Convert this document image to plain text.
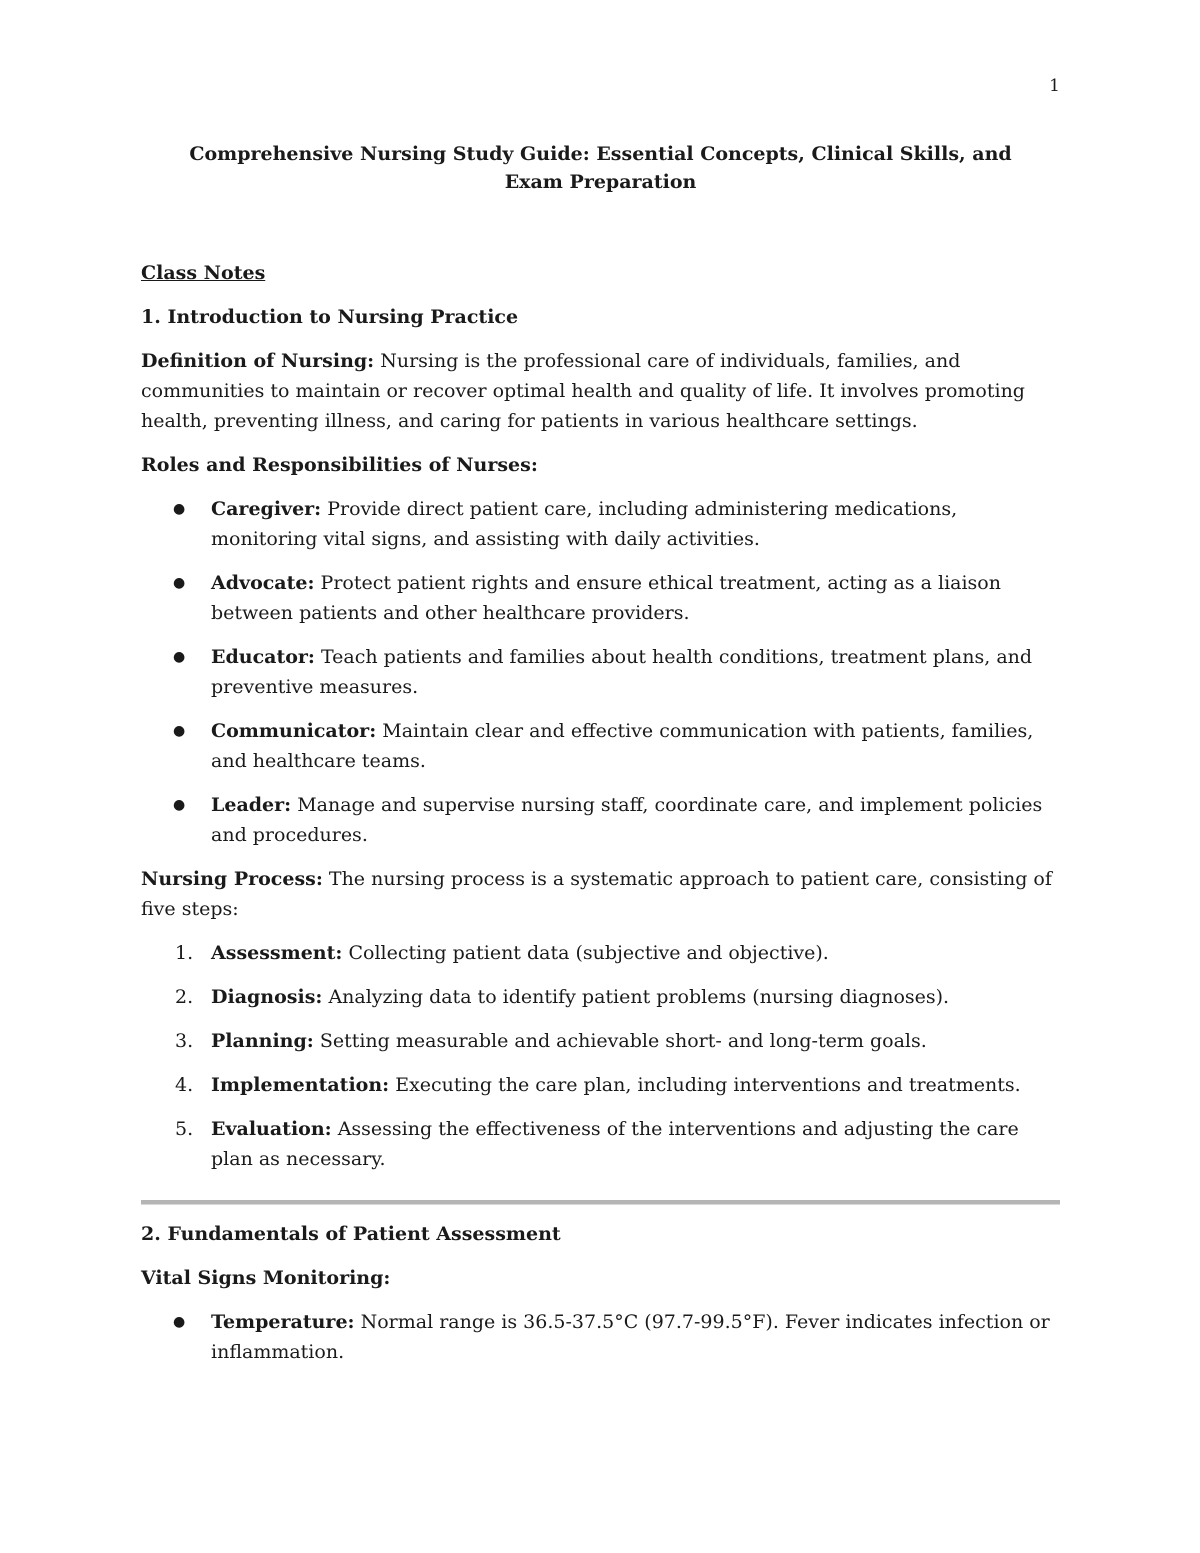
1
Comprehensive Nursing Study Guide: Essential Concepts, Clinical Skills, and Exam Preparation
Class Notes
1. Introduction to Nursing Practice

Definition of Nursing: Nursing is the professional care of individuals, families, and communities to maintain or recover optimal health and quality of life. It involves promoting health, preventing illness, and caring for patients in various healthcare settings.

Roles and Responsibilities of Nurses:

●	Caregiver: Provide direct patient care, including administering medications, monitoring vital signs, and assisting with daily activities.
●	Advocate: Protect patient rights and ensure ethical treatment, acting as a liaison between patients and other healthcare providers.
●	Educator: Teach patients and families about health conditions, treatment plans, and preventive measures.
●	Communicator: Maintain clear and effective communication with patients, families, and healthcare teams.
●	Leader: Manage and supervise nursing staff, coordinate care, and implement policies and procedures.

Nursing Process: The nursing process is a systematic approach to patient care, consisting of five steps:

1. Assessment: Collecting patient data (subjective and objective).
2. Diagnosis: Analyzing data to identify patient problems (nursing diagnoses).
3. Planning: Setting measurable and achievable short- and long-term goals.
4. Implementation: Executing the care plan, including interventions and treatments.
5. Evaluation: Assessing the effectiveness of the interventions and adjusting the care plan as necessary.
2. Fundamentals of Patient Assessment

Vital Signs Monitoring:

●	Temperature: Normal range is 36.5-37.5°C (97.7-99.5°F). Fever indicates infection or inflammation.
